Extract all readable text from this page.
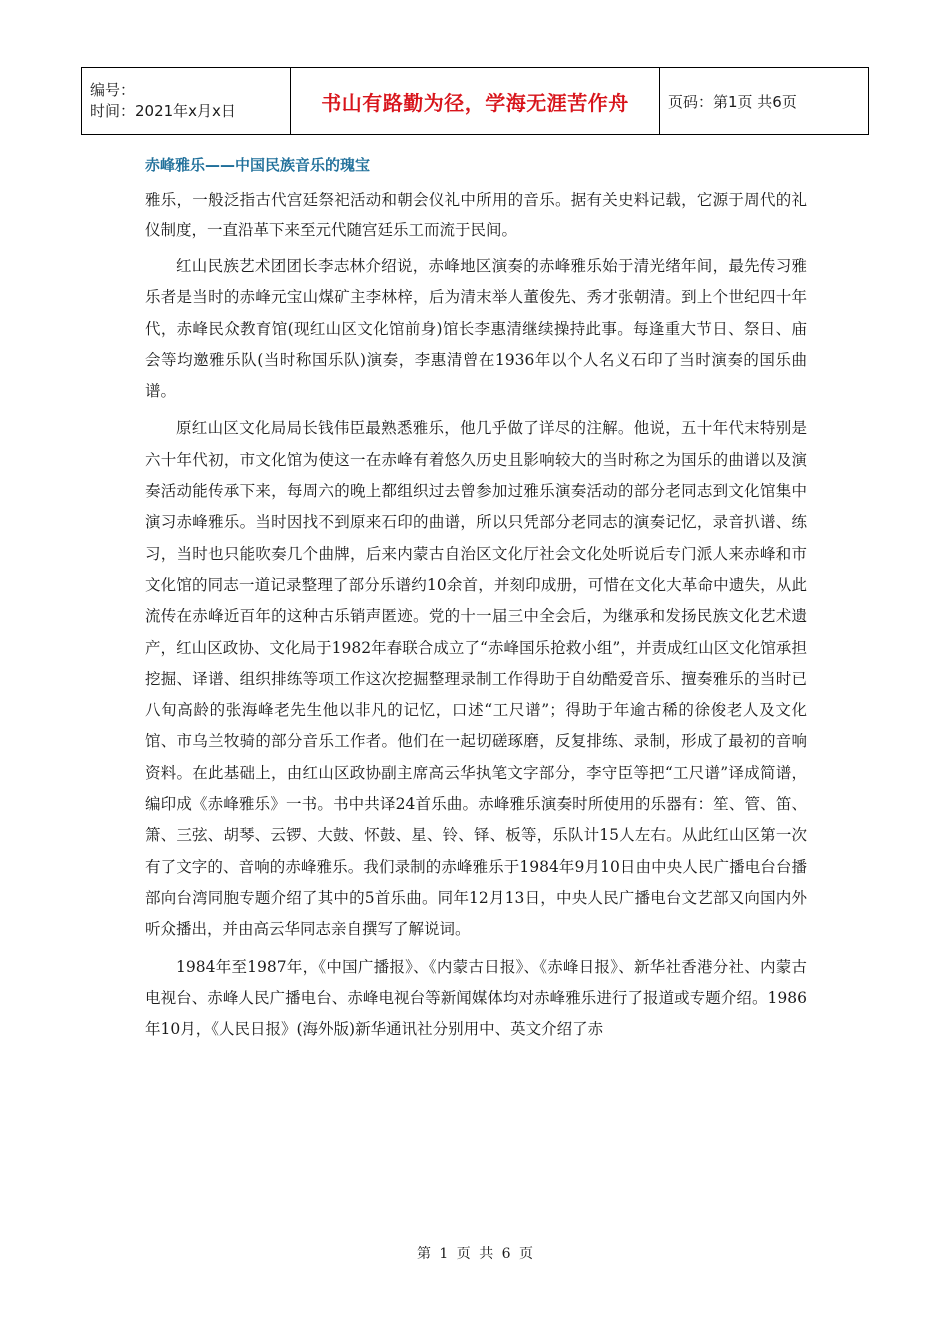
编号：
时间：2021年x月x日	书山有路勤为径，学海无涯苦作舟	页码：第1页 共6页
赤峰雅乐——中国民族音乐的瑰宝

雅乐，一般泛指古代宫廷祭祀活动和朝会仪礼中所用的音乐。据有关史料记载，它源于周代的礼仪制度，一直沿革下来至元代随宫廷乐工而流于民间。

红山民族艺术团团长李志林介绍说，赤峰地区演奏的赤峰雅乐始于清光绪年间，最先传习雅乐者是当时的赤峰元宝山煤矿主李林梓，后为清末举人董俊先、秀才张朝清。到上个世纪四十年代，赤峰民众教育馆(现红山区文化馆前身)馆长李惠清继续操持此事。每逢重大节日、祭日、庙会等均邀雅乐队(当时称国乐队)演奏，李惠清曾在1936年以个人名义石印了当时演奏的国乐曲谱。

原红山区文化局局长钱伟臣最熟悉雅乐，他几乎做了详尽的注解。他说，五十年代末特别是六十年代初，市文化馆为使这一在赤峰有着悠久历史且影响较大的当时称之为国乐的曲谱以及演奏活动能传承下来，每周六的晚上都组织过去曾参加过雅乐演奏活动的部分老同志到文化馆集中演习赤峰雅乐。当时因找不到原来石印的曲谱，所以只凭部分老同志的演奏记忆，录音扒谱、练习，当时也只能吹奏几个曲牌，后来内蒙古自治区文化厅社会文化处听说后专门派人来赤峰和市文化馆的同志一道记录整理了部分乐谱约10余首，并刻印成册，可惜在文化大革命中遗失，从此流传在赤峰近百年的这种古乐销声匿迹。党的十一届三中全会后，为继承和发扬民族文化艺术遗产，红山区政协、文化局于1982年春联合成立了“赤峰国乐抢救小组”，并责成红山区文化馆承担挖掘、译谱、组织排练等项工作这次挖掘整理录制工作得助于自幼酷爱音乐、擅奏雅乐的当时已八旬高龄的张海峰老先生他以非凡的记忆，口述“工尺谱”；得助于年逾古稀的徐俊老人及文化馆、市乌兰牧骑的部分音乐工作者。他们在一起切磋琢磨，反复排练、录制，形成了最初的音响资料。在此基础上，由红山区政协副主席高云华执笔文字部分，李守臣等把“工尺谱”译成简谱，编印成《赤峰雅乐》一书。书中共译24首乐曲。赤峰雅乐演奏时所使用的乐器有：笙、管、笛、箫、三弦、胡琴、云锣、大鼓、怀鼓、星、铃、铎、板等，乐队计15人左右。从此红山区第一次有了文字的、音响的赤峰雅乐。我们录制的赤峰雅乐于1984年9月10日由中央人民广播电台台播部向台湾同胞专题介绍了其中的5首乐曲。同年12月13日，中央人民广播电台文艺部又向国内外听众播出，并由高云华同志亲自撰写了解说词。

1984年至1987年，《中国广播报》、《内蒙古日报》、《赤峰日报》、新华社香港分社、内蒙古电视台、赤峰人民广播电台、赤峰电视台等新闻媒体均对赤峰雅乐进行了报道或专题介绍。1986年10月，《人民日报》(海外版)新华通讯社分别用中、英文介绍了赤

第 1 页 共 6 页
